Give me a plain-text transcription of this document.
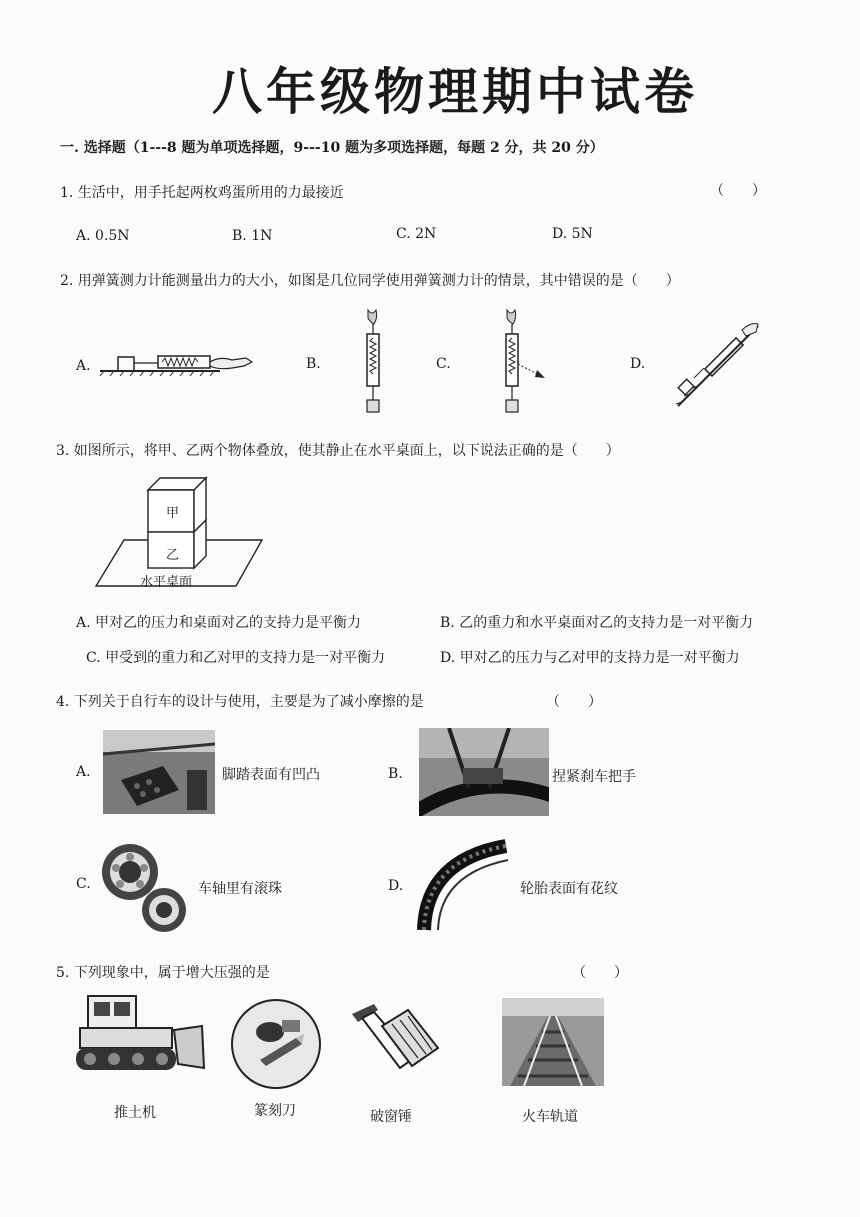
八年级物理期中试卷
一. 选择题（1---8 题为单项选择题，9---10 题为多项选择题，每题 2 分，共 20 分）
1. 生活中，用手托起两枚鸡蛋所用的力最接近	（　　）
A. 0.5N	B. 1N	C. 2N	D. 5N
2. 用弹簧测力计能测量出力的大小，如图是几位同学使用弹簧测力计的情景，其中错误的是（　　）
A.	B.	C.	D.
3. 如图所示，将甲、乙两个物体叠放，使其静止在水平桌面上，以下说法正确的是（　　）
甲
乙
水平桌面
A. 甲对乙的压力和桌面对乙的支持力是平衡力	B. 乙的重力和水平桌面对乙的支持力是一对平衡力
C. 甲受到的重力和乙对甲的支持力是一对平衡力	D. 甲对乙的压力与乙对甲的支持力是一对平衡力
4. 下列关于自行车的设计与使用，主要是为了减小摩擦的是	（　　）
A.	脚踏表面有凹凸	B.	捏紧刹车把手
C.	车轴里有滚珠	D.	轮胎表面有花纹
5. 下列现象中，属于增大压强的是	（　　）
推土机	篆刻刀	破窗锤	火车轨道
